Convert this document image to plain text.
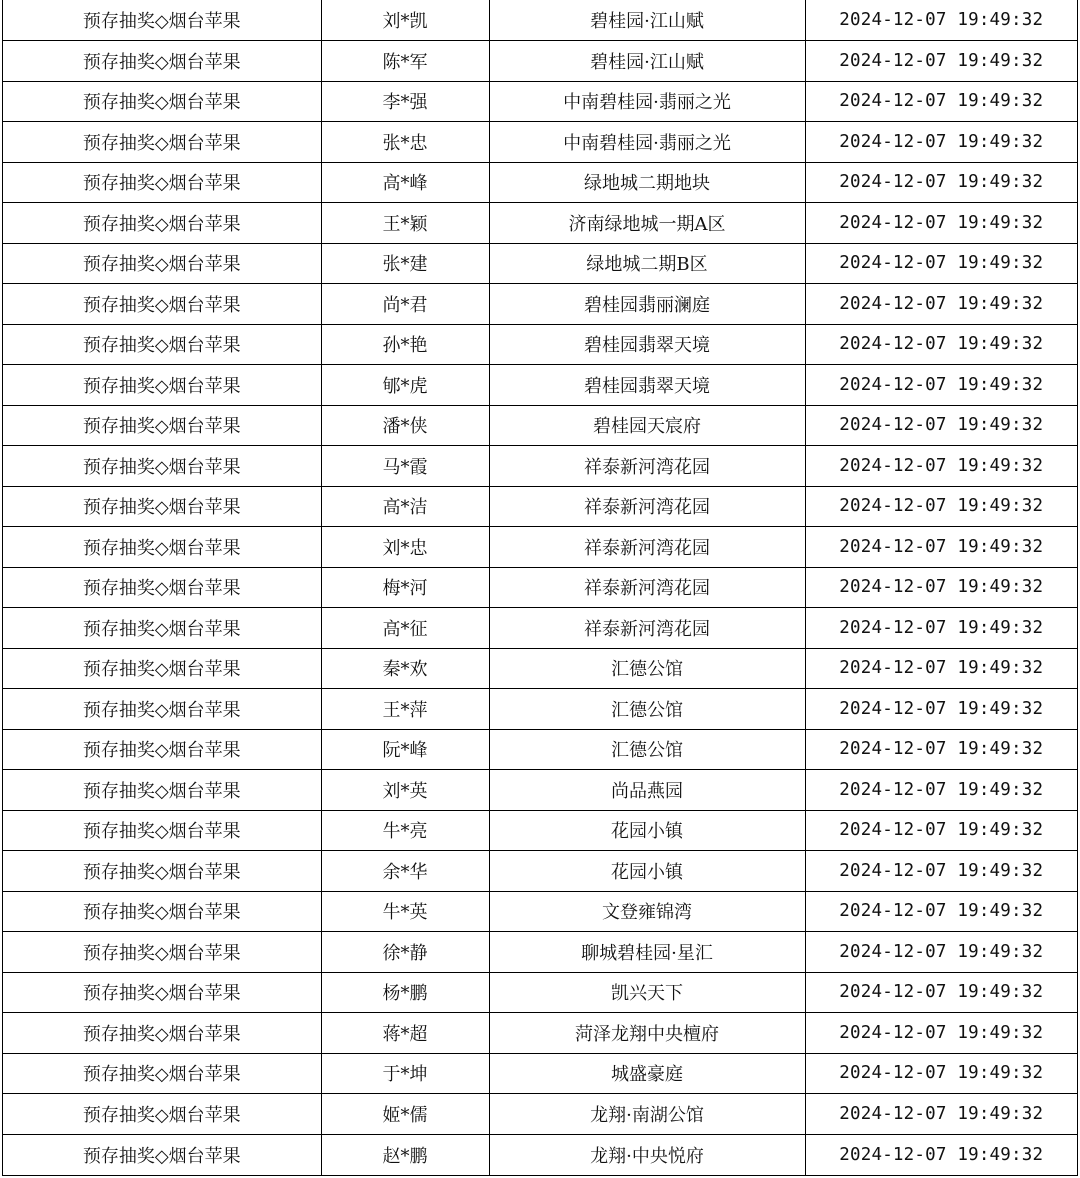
预存抽奖◇烟台苹果	刘*凯	碧桂园·江山赋	2024-12-07 19:49:32
预存抽奖◇烟台苹果	陈*军	碧桂园·江山赋	2024-12-07 19:49:32
预存抽奖◇烟台苹果	李*强	中南碧桂园·翡丽之光	2024-12-07 19:49:32
预存抽奖◇烟台苹果	张*忠	中南碧桂园·翡丽之光	2024-12-07 19:49:32
预存抽奖◇烟台苹果	高*峰	绿地城二期地块	2024-12-07 19:49:32
预存抽奖◇烟台苹果	王*颖	济南绿地城一期A区	2024-12-07 19:49:32
预存抽奖◇烟台苹果	张*建	绿地城二期B区	2024-12-07 19:49:32
预存抽奖◇烟台苹果	尚*君	碧桂园翡丽澜庭	2024-12-07 19:49:32
预存抽奖◇烟台苹果	孙*艳	碧桂园翡翠天境	2024-12-07 19:49:32
预存抽奖◇烟台苹果	郇*虎	碧桂园翡翠天境	2024-12-07 19:49:32
预存抽奖◇烟台苹果	潘*侠	碧桂园天宸府	2024-12-07 19:49:32
预存抽奖◇烟台苹果	马*霞	祥泰新河湾花园	2024-12-07 19:49:32
预存抽奖◇烟台苹果	高*洁	祥泰新河湾花园	2024-12-07 19:49:32
预存抽奖◇烟台苹果	刘*忠	祥泰新河湾花园	2024-12-07 19:49:32
预存抽奖◇烟台苹果	梅*河	祥泰新河湾花园	2024-12-07 19:49:32
预存抽奖◇烟台苹果	高*征	祥泰新河湾花园	2024-12-07 19:49:32
预存抽奖◇烟台苹果	秦*欢	汇德公馆	2024-12-07 19:49:32
预存抽奖◇烟台苹果	王*萍	汇德公馆	2024-12-07 19:49:32
预存抽奖◇烟台苹果	阮*峰	汇德公馆	2024-12-07 19:49:32
预存抽奖◇烟台苹果	刘*英	尚品燕园	2024-12-07 19:49:32
预存抽奖◇烟台苹果	牛*亮	花园小镇	2024-12-07 19:49:32
预存抽奖◇烟台苹果	余*华	花园小镇	2024-12-07 19:49:32
预存抽奖◇烟台苹果	牛*英	文登雍锦湾	2024-12-07 19:49:32
预存抽奖◇烟台苹果	徐*静	聊城碧桂园·星汇	2024-12-07 19:49:32
预存抽奖◇烟台苹果	杨*鹏	凯兴天下	2024-12-07 19:49:32
预存抽奖◇烟台苹果	蒋*超	菏泽龙翔中央檀府	2024-12-07 19:49:32
预存抽奖◇烟台苹果	于*坤	城盛豪庭	2024-12-07 19:49:32
预存抽奖◇烟台苹果	姬*儒	龙翔·南湖公馆	2024-12-07 19:49:32
预存抽奖◇烟台苹果	赵*鹏	龙翔·中央悦府	2024-12-07 19:49:32
